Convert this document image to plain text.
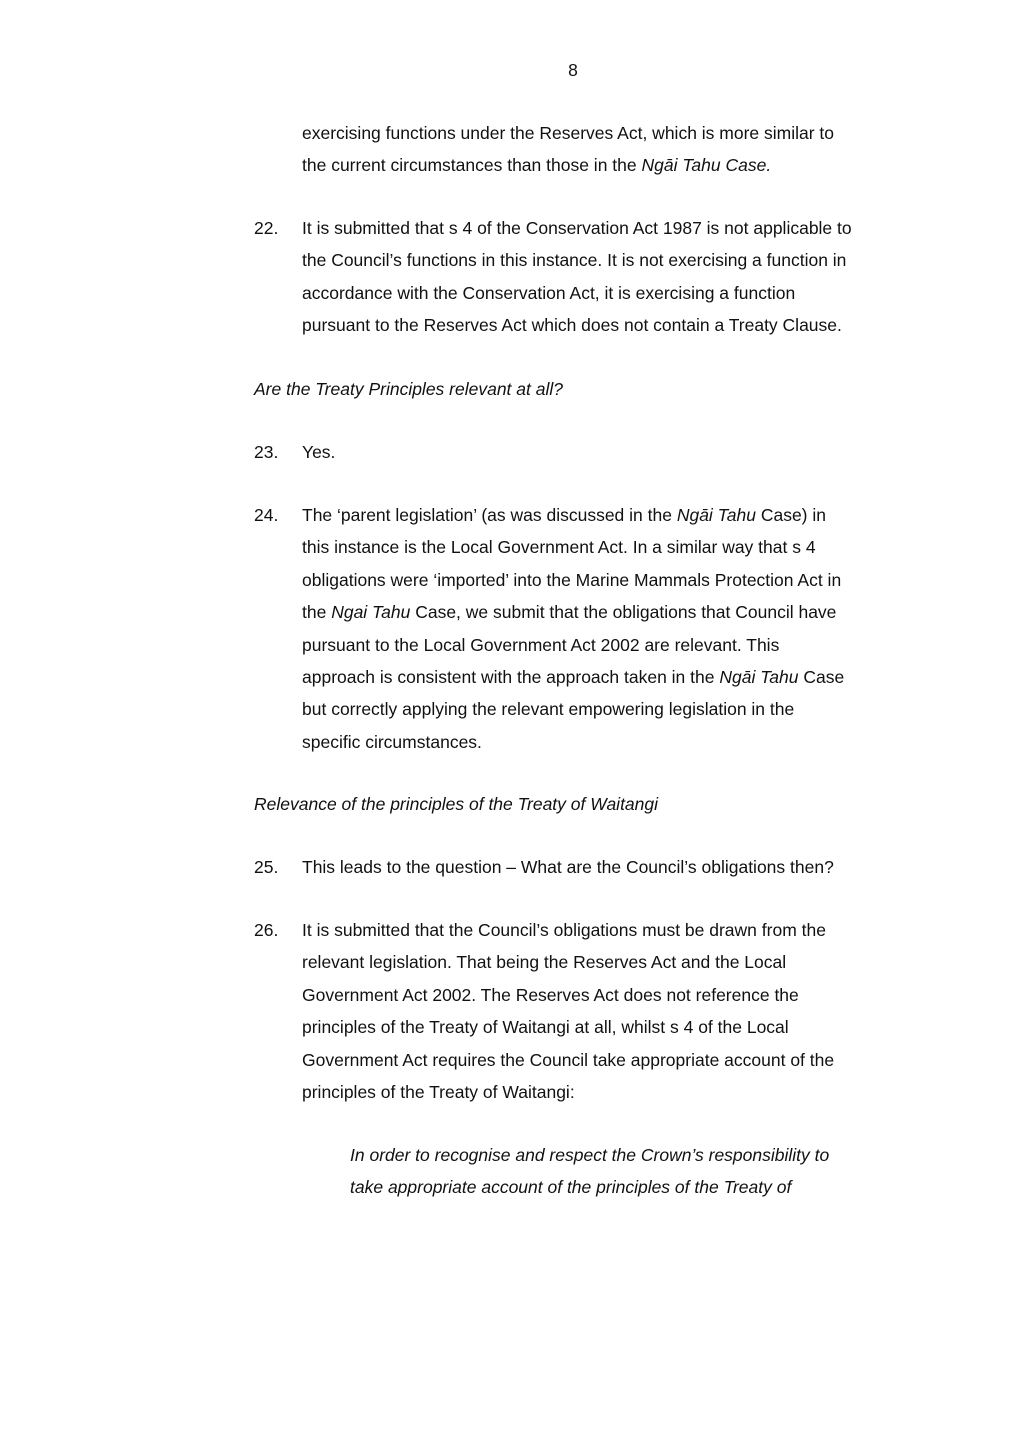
8
exercising functions under the Reserves Act, which is more similar to
the current circumstances than those in the Ngāi Tahu Case.
22. It is submitted that s 4 of the Conservation Act 1987 is not applicable to
the Council’s functions in this instance. It is not exercising a function in
accordance with the Conservation Act, it is exercising a function
pursuant to the Reserves Act which does not contain a Treaty Clause.
Are the Treaty Principles relevant at all?
23. Yes.
24. The ‘parent legislation’ (as was discussed in the Ngāi Tahu Case) in
this instance is the Local Government Act. In a similar way that s 4
obligations were ‘imported’ into the Marine Mammals Protection Act in
the Ngai Tahu Case, we submit that the obligations that Council have
pursuant to the Local Government Act 2002 are relevant. This
approach is consistent with the approach taken in the Ngāi Tahu Case
but correctly applying the relevant empowering legislation in the
specific circumstances.
Relevance of the principles of the Treaty of Waitangi
25. This leads to the question – What are the Council’s obligations then?
26. It is submitted that the Council’s obligations must be drawn from the
relevant legislation. That being the Reserves Act and the Local
Government Act 2002. The Reserves Act does not reference the
principles of the Treaty of Waitangi at all, whilst s 4 of the Local
Government Act requires the Council take appropriate account of the
principles of the Treaty of Waitangi:
In order to recognise and respect the Crown’s responsibility to
take appropriate account of the principles of the Treaty of
